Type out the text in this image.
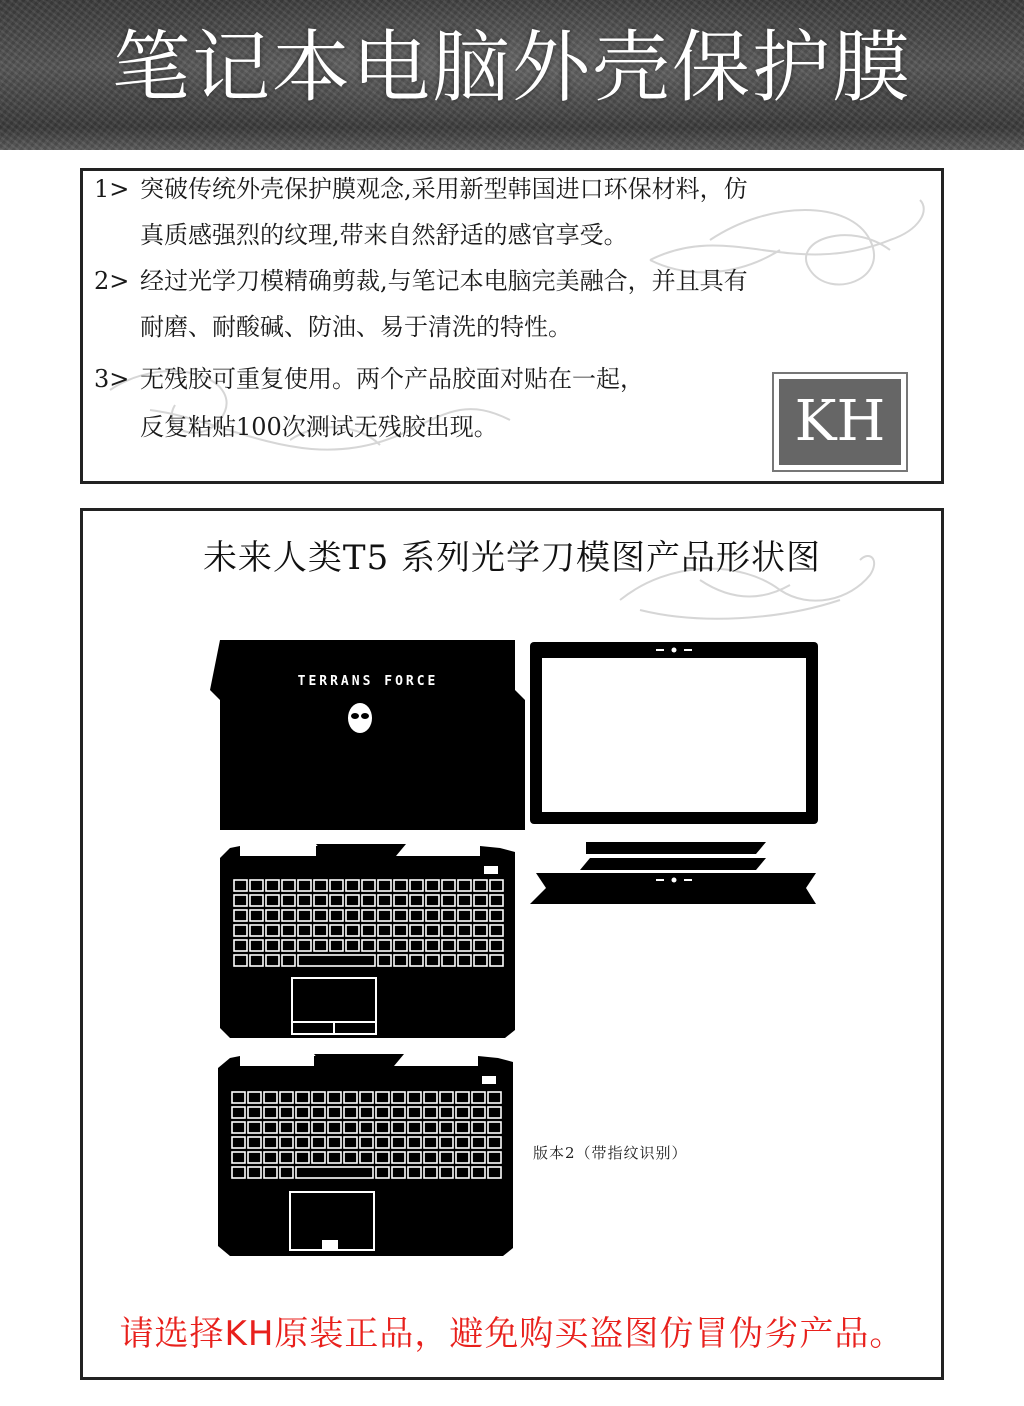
笔记本电脑外壳保护膜
1> 突破传统外壳保护膜观念,采用新型韩国进口环保材料，仿
真质感强烈的纹理,带来自然舒适的感官享受。
2> 经过光学刀模精确剪裁,与笔记本电脑完美融合，并且具有
耐磨、耐酸碱、防油、易于清洗的特性。
3> 无残胶可重复使用。两个产品胶面对贴在一起，
反复粘贴100次测试无残胶出现。	KH
未来人类T5 系列光学刀模图产品形状图
TERRANS FORCE
版本2（带指纹识别）
请选择KH原装正品，避免购买盗图仿冒伪劣产品。
